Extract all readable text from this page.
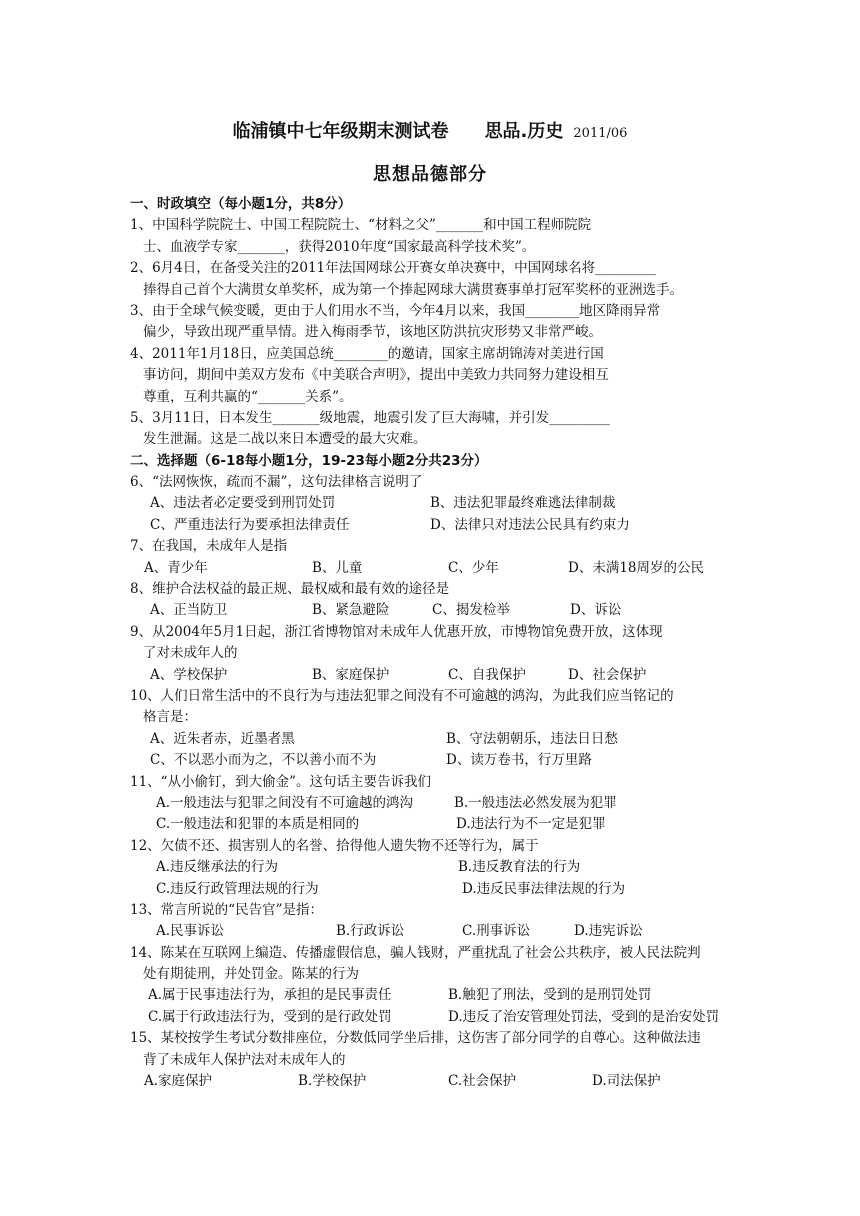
临浦镇中七年级期末测试卷 思品.历史 2011/06
思想品德部分
一、时政填空（每小题1分，共8分）
1、中国科学院院士、中国工程院院士、“材料之父”_______和中国工程师院院
士、血液学专家_______，获得2010年度“国家最高科学技术奖”。
2、6月4日，在备受关注的2011年法国网球公开赛女单决赛中，中国网球名将_________
捧得自己首个大满贯女单奖杯，成为第一个捧起网球大满贯赛事单打冠军奖杯的亚洲选手。
3、由于全球气候变暖，更由于人们用水不当，今年4月以来，我国________地区降雨异常
偏少，导致出现严重旱情。进入梅雨季节，该地区防洪抗灾形势又非常严峻。
4、2011年1月18日，应美国总统________的邀请，国家主席胡锦涛对美进行国
事访问，期间中美双方发布《中美联合声明》，提出中美致力共同努力建设相互
尊重，互利共赢的“_______关系”。
5、3月11日，日本发生_______级地震，地震引发了巨大海啸，并引发_________
发生泄漏。这是二战以来日本遭受的最大灾难。
二、选择题（6-18每小题1分，19-23每小题2分共23分）
6、“法网恢恢，疏而不漏”，这句法律格言说明了
A、违法者必定要受到刑罚处罚	B、违法犯罪最终难逃法律制裁
C、严重违法行为要承担法律责任	D、法律只对违法公民具有约束力
7、在我国，未成年人是指
A、青少年	B、儿童	C、少年	D、未满18周岁的公民
8、维护合法权益的最正规、最权威和最有效的途径是
A、正当防卫	B、紧急避险	C、揭发检举	D、诉讼
9、从2004年5月1日起，浙江省博物馆对未成年人优惠开放，市博物馆免费开放，这体现
了对未成年人的
A、学校保护	B、家庭保护	C、自我保护	D、社会保护
10、人们日常生活中的不良行为与违法犯罪之间没有不可逾越的鸿沟，为此我们应当铭记的
格言是：
A、近朱者赤，近墨者黑	B、守法朝朝乐，违法日日愁
C、不以恶小而为之，不以善小而不为	D、读万卷书，行万里路
11、“从小偷钉，到大偷金”。这句话主要告诉我们
A.一般违法与犯罪之间没有不可逾越的鸿沟	B.一般违法必然发展为犯罪
C.一般违法和犯罪的本质是相同的	D.违法行为不一定是犯罪
12、欠债不还、损害别人的名誉、拾得他人遗失物不还等行为，属于
A.违反继承法的行为	B.违反教育法的行为
C.违反行政管理法规的行为	D.违反民事法律法规的行为
13、常言所说的“民告官”是指：
A.民事诉讼	B.行政诉讼	C.刑事诉讼	D.违宪诉讼
14、陈某在互联网上编造、传播虚假信息，骗人钱财，严重扰乱了社会公共秩序，被人民法院判
处有期徒刑，并处罚金。陈某的行为
A.属于民事违法行为，承担的是民事责任	B.触犯了刑法，受到的是刑罚处罚
C.属于行政违法行为，受到的是行政处罚	D.违反了治安管理处罚法，受到的是治安处罚
15、某校按学生考试分数排座位，分数低同学坐后排，这伤害了部分同学的自尊心。这种做法违
背了未成年人保护法对未成年人的
A.家庭保护	B.学校保护	C.社会保护	D.司法保护
